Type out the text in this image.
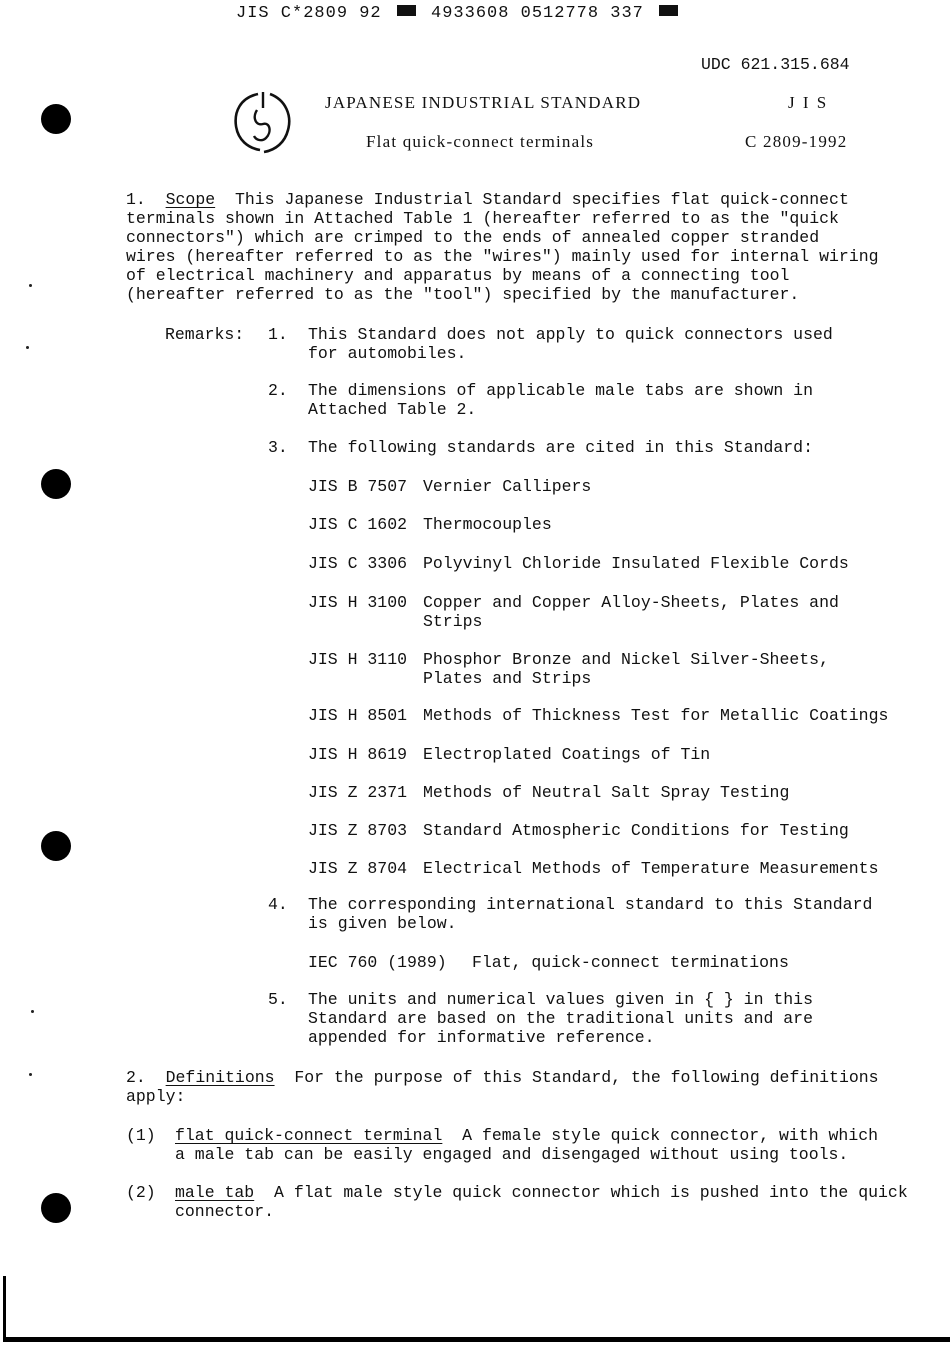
JIS C*2809 92	4933608 0512778 337
UDC 621.315.684
JAPANESE INDUSTRIAL STANDARD	J I S
Flat quick-connect terminals	C 2809-1992
1. Scope This Japanese Industrial Standard specifies flat quick-connect
terminals shown in Attached Table 1 (hereafter referred to as the "quick
connectors") which are crimped to the ends of annealed copper stranded
wires (hereafter referred to as the "wires") mainly used for internal wiring
of electrical machinery and apparatus by means of a connecting tool
(hereafter referred to as the "tool") specified by the manufacturer.
Remarks: 1. This Standard does not apply to quick connectors used
for automobiles.
2. The dimensions of applicable male tabs are shown in
Attached Table 2.
3. The following standards are cited in this Standard:
JIS B 7507 Vernier Callipers
JIS C 1602 Thermocouples
JIS C 3306 Polyvinyl Chloride Insulated Flexible Cords
JIS H 3100 Copper and Copper Alloy-Sheets, Plates and
Strips
JIS H 3110 Phosphor Bronze and Nickel Silver-Sheets,
Plates and Strips
JIS H 8501 Methods of Thickness Test for Metallic Coatings
JIS H 8619 Electroplated Coatings of Tin
JIS Z 2371 Methods of Neutral Salt Spray Testing
JIS Z 8703 Standard Atmospheric Conditions for Testing
JIS Z 8704 Electrical Methods of Temperature Measurements
4. The corresponding international standard to this Standard
is given below.
IEC 760 (1989) Flat, quick-connect terminations
5. The units and numerical values given in { } in this
Standard are based on the traditional units and are
appended for informative reference.
2. Definitions For the purpose of this Standard, the following definitions
apply:
(1) flat quick-connect terminal A female style quick connector, with which
a male tab can be easily engaged and disengaged without using tools.
(2) male tab A flat male style quick connector which is pushed into the quick
connector.
